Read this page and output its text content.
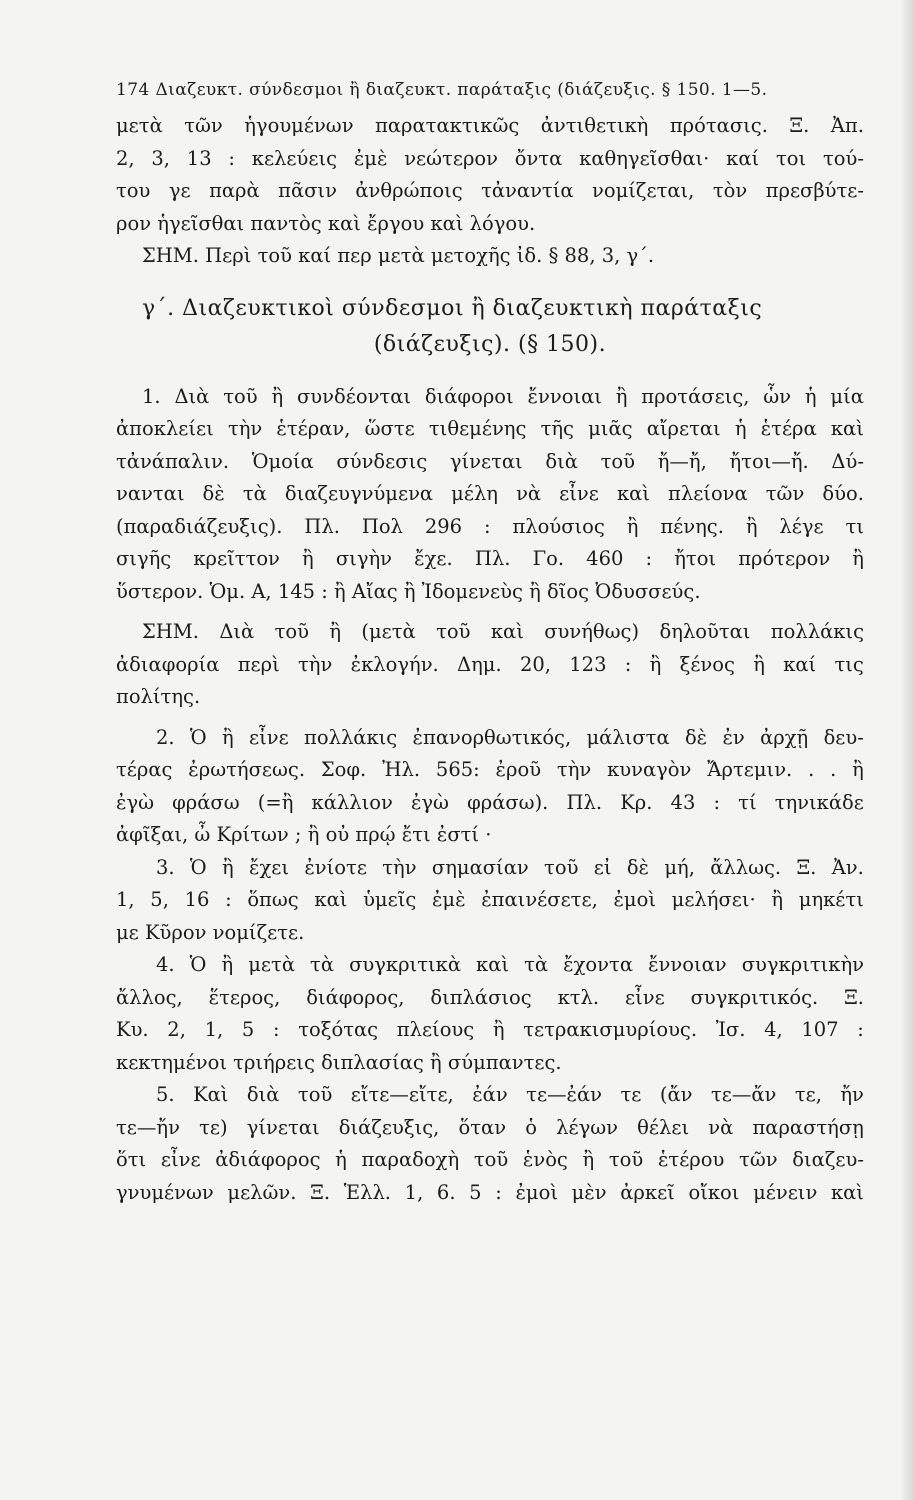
174 Διαζευκτ. σύνδεσμοι ἢ διαζευκτ. παράταξις (διάζευξις. § 150. 1—5.
μετὰ τῶν ἡγουμένων παρατακτικῶς ἀντιθετικὴ πρότασις. Ξ. Ἀπ.
2, 3, 13 : κελεύεις ἐμὲ νεώτερον ὄντα καθηγεῖσθαι· καί τοι τού-
του γε παρὰ πᾶσιν ἀνθρώποις τἀναντία νομίζεται, τὸν πρεσβύτε-
ρον ἡγεῖσθαι παντὸς καὶ ἔργου καὶ λόγου.
ΣΗΜ. Περὶ τοῦ καί περ μετὰ μετοχῆς ἰδ. § 88, 3, γ΄.
γ΄. Διαζευκτικοὶ σύνδεσμοι ἢ διαζευκτικὴ παράταξις
(διάζευξις). (§ 150).
1. Διὰ τοῦ ἢ συνδέονται διάφοροι ἔννοιαι ἢ προτάσεις, ὧν ἡ μία
ἀποκλείει τὴν ἑτέραν, ὥστε τιθεμένης τῆς μιᾶς αἴρεται ἡ ἑτέρα καὶ
τἀνάπαλιν. Ὁμοία σύνδεσις γίνεται διὰ τοῦ ἤ—ἤ, ἤτοι—ἤ. Δύ-
νανται δὲ τὰ διαζευγνύμενα μέλη νὰ εἶνε καὶ πλείονα τῶν δύο.
(παραδιάζευξις). Πλ. Πολ 296 : πλούσιος ἢ πένης. ἢ λέγε τι
σιγῆς κρεῖττον ἢ σιγὴν ἔχε. Πλ. Γο. 460 : ἤτοι πρότερον ἢ
ὕστερον. Ὁμ. Α, 145 : ἢ Αἴας ἢ Ἰδομενεὺς ἢ δῖος Ὀδυσσεύς.
ΣΗΜ. Διὰ τοῦ ἢ (μετὰ τοῦ καὶ συνήθως) δηλοῦται πολλάκις
ἀδιαφορία περὶ τὴν ἐκλογήν. Δημ. 20, 123 : ἢ ξένος ἢ καί τις
πολίτης.
2. Ὁ ἢ εἶνε πολλάκις ἐπανορθωτικός, μάλιστα δὲ ἐν ἀρχῇ δευ-
τέρας ἐρωτήσεως. Σοφ. Ἠλ. 565: ἐροῦ τὴν κυναγὸν Ἄρτεμιν. . . ἢ
ἐγὼ φράσω (=ἢ κάλλιον ἐγὼ φράσω). Πλ. Κρ. 43 : τί τηνικάδε
ἀφῖξαι, ὦ Κρίτων ; ἢ οὐ πρῴ ἔτι ἐστί ·
3. Ὁ ἢ ἔχει ἐνίοτε τὴν σημασίαν τοῦ εἰ δὲ μή, ἄλλως. Ξ. Ἀν.
1, 5, 16 : ὅπως καὶ ὑμεῖς ἐμὲ ἐπαινέσετε, ἐμοὶ μελήσει· ἢ μηκέτι
με Κῦρον νομίζετε.
4. Ὁ ἢ μετὰ τὰ συγκριτικὰ καὶ τὰ ἔχοντα ἔννοιαν συγκριτικὴν
ἄλλος, ἕτερος, διάφορος, διπλάσιος κτλ. εἶνε συγκριτικός. Ξ.
Κυ. 2, 1, 5 : τοξότας πλείους ἢ τετρακισμυρίους. Ἰσ. 4, 107 :
κεκτημένοι τριήρεις διπλασίας ἢ σύμπαντες.
5. Καὶ διὰ τοῦ εἴτε—εἴτε, ἐάν τε—ἐάν τε (ἄν τε—ἄν τε, ἤν
τε—ἤν τε) γίνεται διάζευξις, ὅταν ὁ λέγων θέλει νὰ παραστήσῃ
ὅτι εἶνε ἀδιάφορος ἡ παραδοχὴ τοῦ ἑνὸς ἢ τοῦ ἑτέρου τῶν διαζευ-
γνυμένων μελῶν. Ξ. Ἑλλ. 1, 6. 5 : ἐμοὶ μὲν ἀρκεῖ οἴκοι μένειν καὶ
